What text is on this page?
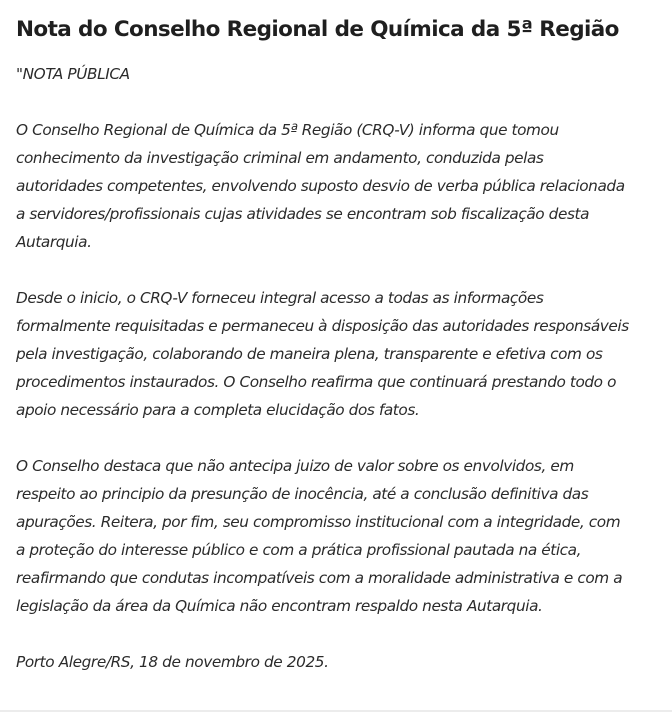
Nota do Conselho Regional de Química da 5ª Região

"NOTA PÚBLICA

O Conselho Regional de Química da 5ª Região (CRQ-V) informa que tomou
conhecimento da investigação criminal em andamento, conduzida pelas
autoridades competentes, envolvendo suposto desvio de verba pública relacionada
a servidores/profissionais cujas atividades se encontram sob fiscalização desta
Autarquia.

Desde o inicio, o CRQ-V forneceu integral acesso a todas as informações
formalmente requisitadas e permaneceu à disposição das autoridades responsáveis
pela investigação, colaborando de maneira plena, transparente e efetiva com os
procedimentos instaurados. O Conselho reafirma que continuará prestando todo o
apoio necessário para a completa elucidação dos fatos.

O Conselho destaca que não antecipa juizo de valor sobre os envolvidos, em
respeito ao principio da presunção de inocência, até a conclusão definitiva das
apurações. Reitera, por fim, seu compromisso institucional com a integridade, com
a proteção do interesse público e com a prática profissional pautada na ética,
reafirmando que condutas incompatíveis com a moralidade administrativa e com a
legislação da área da Química não encontram respaldo nesta Autarquia.

Porto Alegre/RS, 18 de novembro de 2025.
